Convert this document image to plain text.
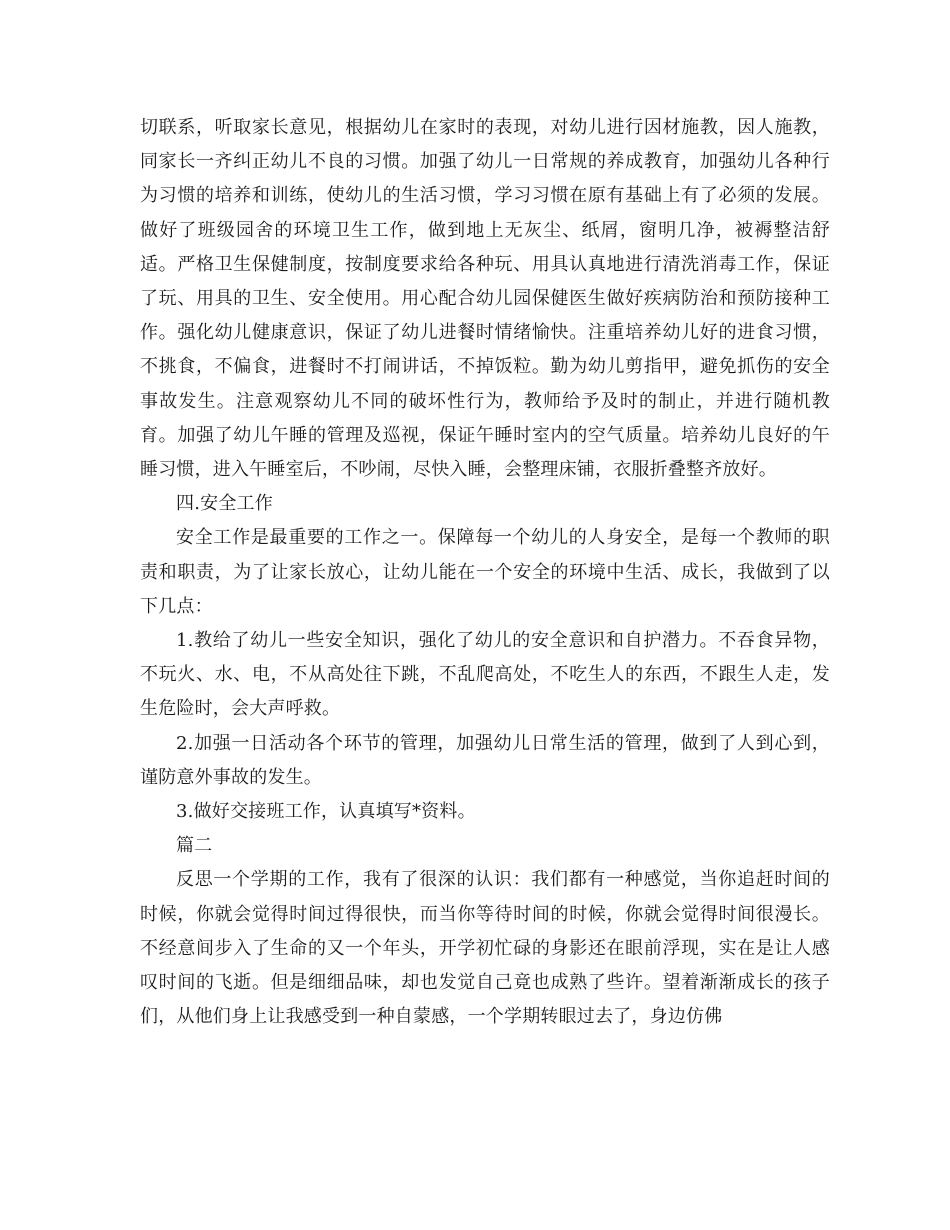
切联系，听取家长意见，根据幼儿在家时的表现，对幼儿进行因材施教，因人施教，同家长一齐纠正幼儿不良的习惯。加强了幼儿一日常规的养成教育，加强幼儿各种行为习惯的培养和训练，使幼儿的生活习惯，学习习惯在原有基础上有了必须的发展。做好了班级园舍的环境卫生工作，做到地上无灰尘、纸屑，窗明几净，被褥整洁舒适。严格卫生保健制度，按制度要求给各种玩、用具认真地进行清洗消毒工作，保证了玩、用具的卫生、安全使用。用心配合幼儿园保健医生做好疾病防治和预防接种工作。强化幼儿健康意识，保证了幼儿进餐时情绪愉快。注重培养幼儿好的进食习惯，不挑食，不偏食，进餐时不打闹讲话，不掉饭粒。勤为幼儿剪指甲，避免抓伤的安全事故发生。注意观察幼儿不同的破坏性行为，教师给予及时的制止，并进行随机教育。加强了幼儿午睡的管理及巡视，保证午睡时室内的空气质量。培养幼儿良好的午睡习惯，进入午睡室后，不吵闹，尽快入睡，会整理床铺，衣服折叠整齐放好。

四.安全工作

安全工作是最重要的工作之一。保障每一个幼儿的人身安全，是每一个教师的职责和职责，为了让家长放心，让幼儿能在一个安全的环境中生活、成长，我做到了以下几点：

1.教给了幼儿一些安全知识，强化了幼儿的安全意识和自护潜力。不吞食异物，不玩火、水、电，不从高处往下跳，不乱爬高处，不吃生人的东西，不跟生人走，发生危险时，会大声呼救。

2.加强一日活动各个环节的管理，加强幼儿日常生活的管理，做到了人到心到，谨防意外事故的发生。

3.做好交接班工作，认真填写*资料。

篇二

反思一个学期的工作，我有了很深的认识：我们都有一种感觉，当你追赶时间的时候，你就会觉得时间过得很快，而当你等待时间的时候，你就会觉得时间很漫长。不经意间步入了生命的又一个年头，开学初忙碌的身影还在眼前浮现，实在是让人感叹时间的飞逝。但是细细品味，却也发觉自己竟也成熟了些许。望着渐渐成长的孩子们，从他们身上让我感受到一种自蒙感，一个学期转眼过去了，身边仿佛
